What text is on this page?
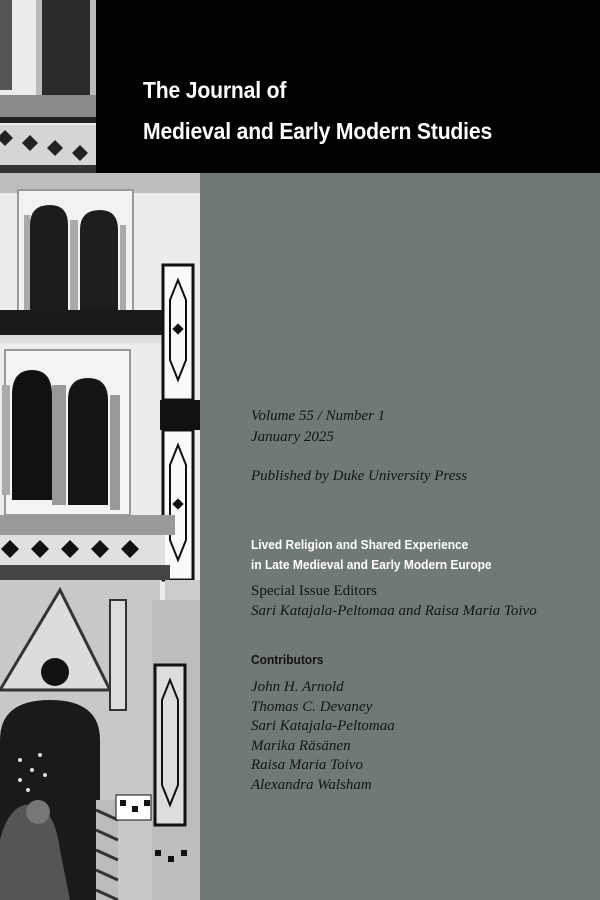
The Journal of
Medieval and Early Modern Studies
Volume 55 / Number 1
January 2025
Published by Duke University Press
Lived Religion and Shared Experience
in Late Medieval and Early Modern Europe
Special Issue Editors
Sari Katajala-Peltomaa and Raisa Maria Toivo
Contributors
John H. Arnold
Thomas C. Devaney
Sari Katajala-Peltomaa
Marika Räsänen
Raisa Maria Toivo
Alexandra Walsham
